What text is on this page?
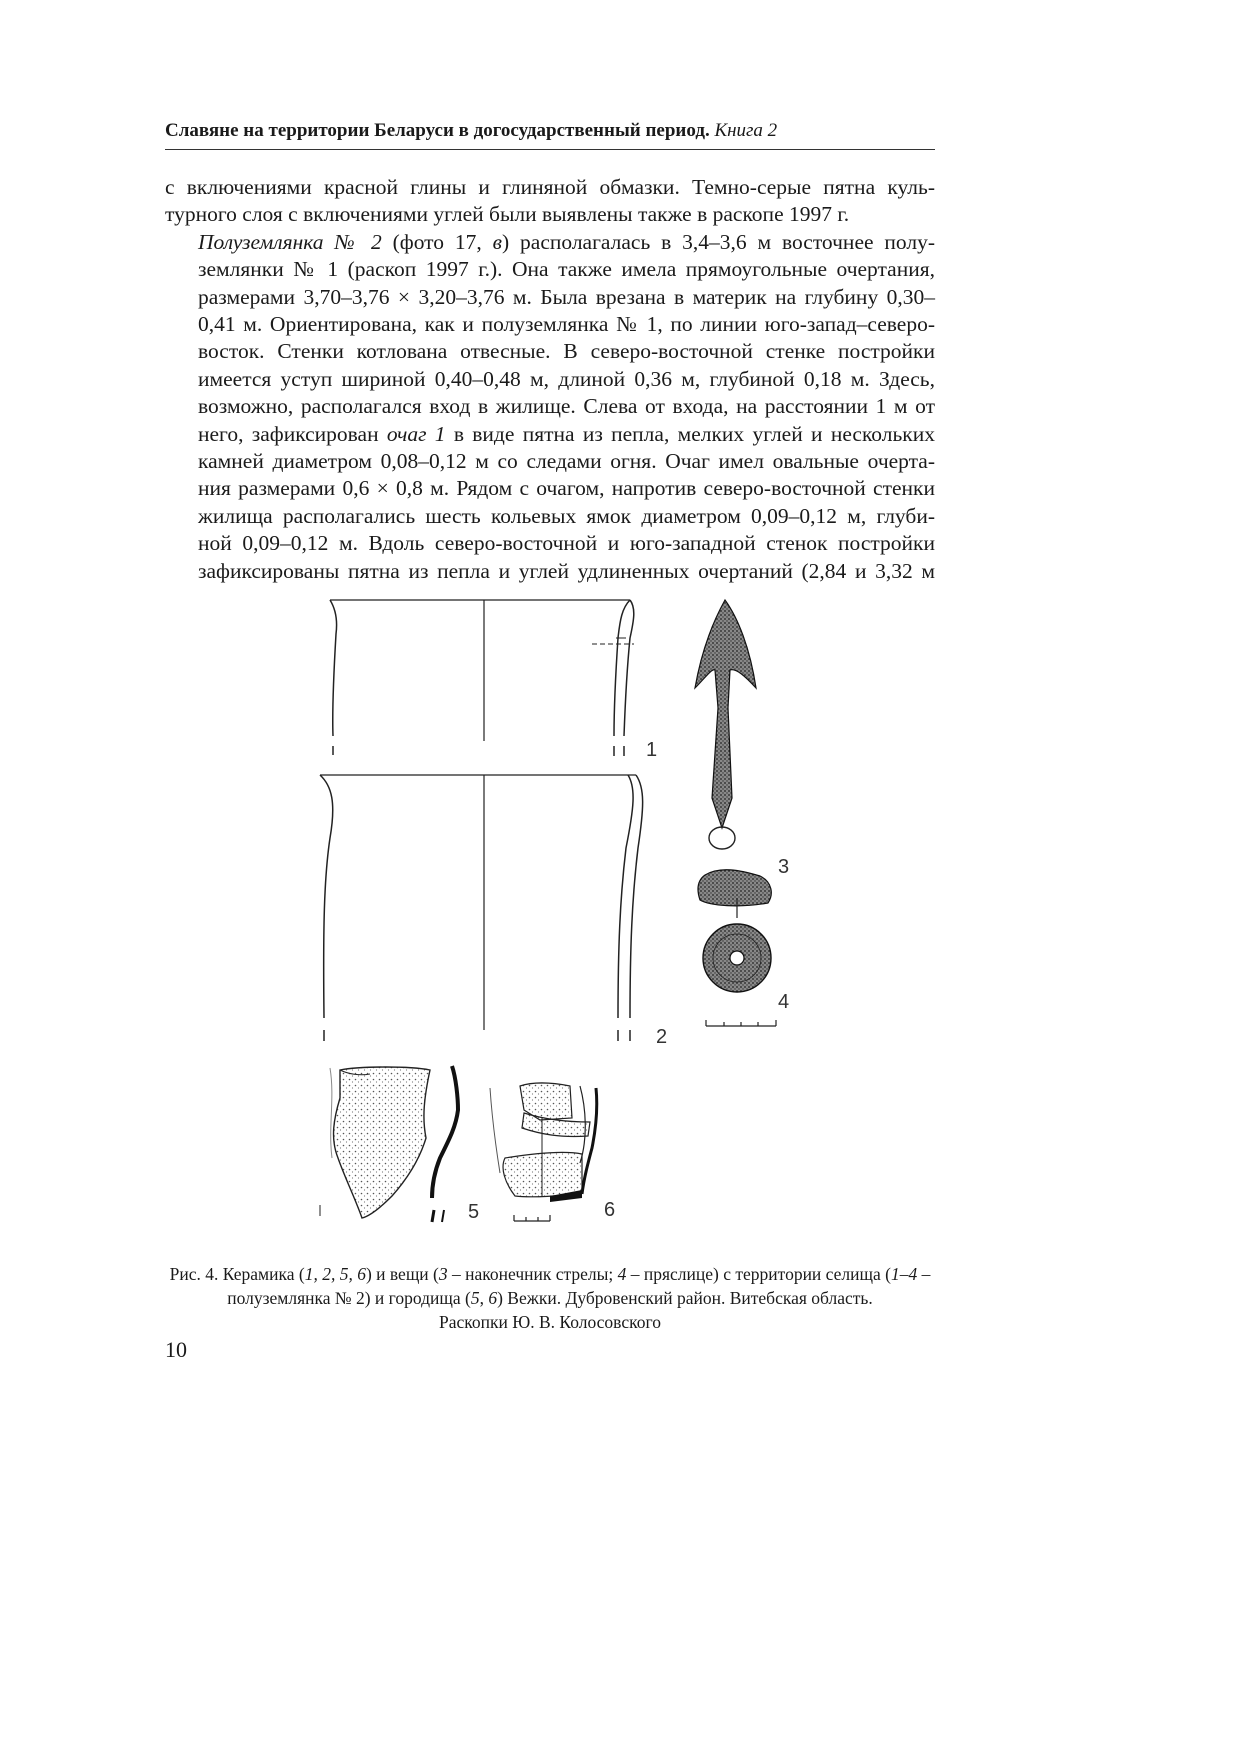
Славяне на территории Беларуси в догосударственный период. Книга 2

с включениями красной глины и глиняной обмазки. Темно-серые пятна куль-
турного слоя с включениями углей были выявлены также в раскопе 1997 г.

Полуземлянка № 2 (фото 17, в) располагалась в 3,4–3,6 м восточнее полу-
землянки № 1 (раскоп 1997 г.). Она также имела прямоугольные очертания,
размерами 3,70–3,76 × 3,20–3,76 м. Была врезана в материк на глубину 0,30–
0,41 м. Ориентирована, как и полуземлянка № 1, по линии юго-запад–северо-
восток. Стенки котлована отвесные. В северо-восточной стенке постройки
имеется уступ шириной 0,40–0,48 м, длиной 0,36 м, глубиной 0,18 м. Здесь,
возможно, располагался вход в жилище. Слева от входа, на расстоянии 1 м от
него, зафиксирован очаг 1 в виде пятна из пепла, мелких углей и нескольких
камней диаметром 0,08–0,12 м со следами огня. Очаг имел овальные очерта-
ния размерами 0,6 × 0,8 м. Рядом с очагом, напротив северо-восточной стенки
жилища располагались шесть кольевых ямок диаметром 0,09–0,12 м, глуби-
ной 0,09–0,12 м. Вдоль северо-восточной и юго-западной стенок постройки
зафиксированы пятна из пепла и углей удлиненных очертаний (2,84 и 3,32 м

1
2
3
4
5	6
Рис. 4. Керамика (1, 2, 5, 6) и вещи (3 – наконечник стрелы; 4 – пряслице) с территории селища (1–4 – полуземлянка № 2) и городища (5, 6) Вежки. Дубровенский район. Витебская область.
Раскопки Ю. В. Колосовского
10
